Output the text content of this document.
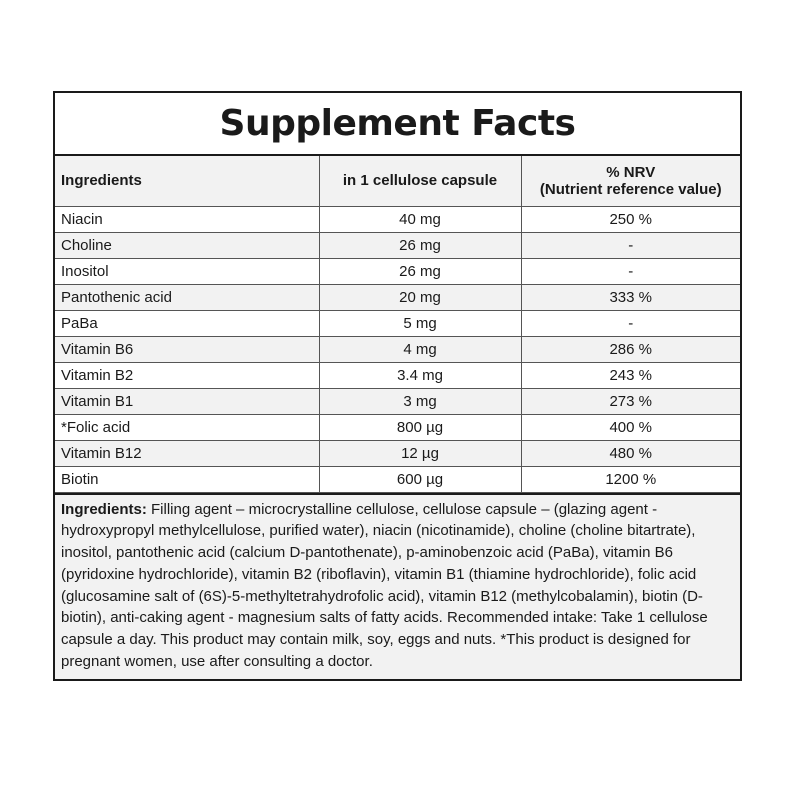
Supplement Facts
Ingredients	in 1 cellulose capsule	% NRV
(Nutrient reference value)

Niacin	40 mg	250 %
Choline	26 mg	-
Inositol	26 mg	-
Pantothenic acid	20 mg	333 %
PaBa	5 mg	-
Vitamin B6	4 mg	286 %
Vitamin B2	3.4 mg	243 %
Vitamin B1	3 mg	273 %
*Folic acid	800 µg	400 %
Vitamin B12	12 µg	480 %
Biotin	600 µg	1200 %
Ingredients: Filling agent – microcrystalline cellulose, cellulose capsule – (glazing agent - hydroxypropyl methylcellulose, purified water), niacin (nicotinamide), choline (choline bitartrate), inositol, pantothenic acid (calcium D-pantothenate), p-aminobenzoic acid (PaBa), vitamin B6 (pyridoxine hydrochloride), vitamin B2 (riboflavin), vitamin B1 (thiamine hydrochloride), folic acid (glucosamine salt of (6S)-5-methyltetrahydrofolic acid), vitamin B12 (methylcobalamin), biotin (D-biotin), anti-caking agent - magnesium salts of fatty acids. Recommended intake: Take 1 cellulose capsule a day. This product may contain milk, soy, eggs and nuts. *This product is designed for pregnant women, use after consulting a doctor.
